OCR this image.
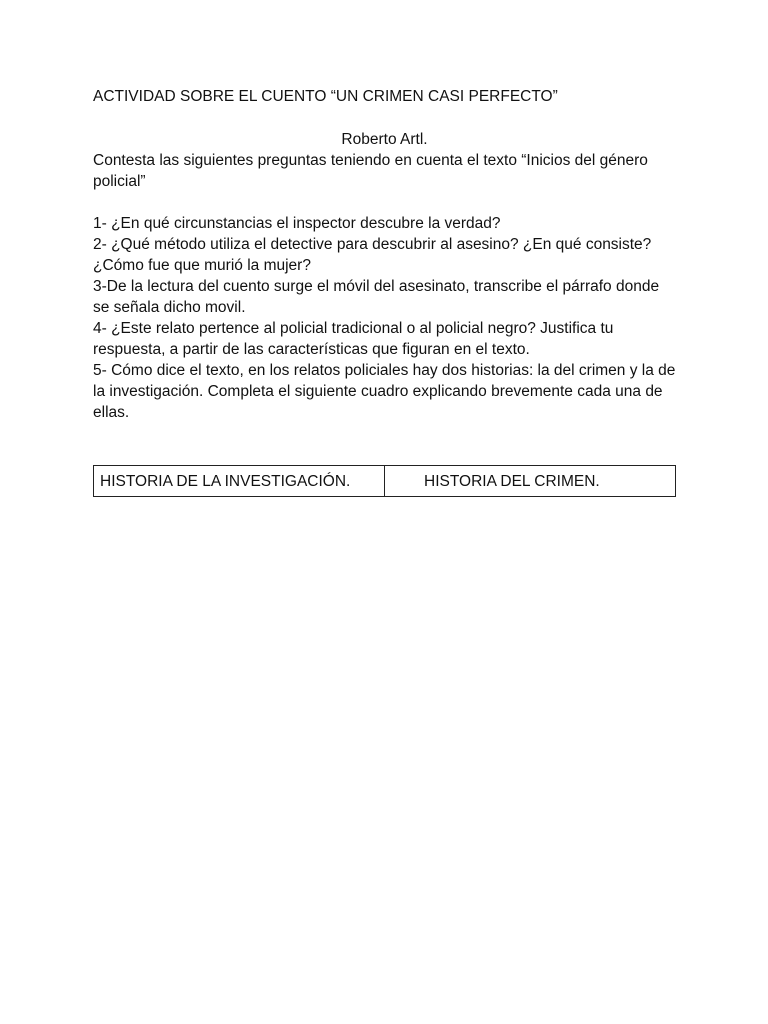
ACTIVIDAD SOBRE EL CUENTO “UN CRIMEN CASI PERFECTO”
Roberto Artl.

Contesta las siguientes preguntas teniendo en cuenta el texto “Inicios del género policial”

1- ¿En qué circunstancias el inspector descubre la verdad?

2- ¿Qué método utiliza el detective para descubrir al asesino? ¿En qué consiste?¿Cómo fue que murió la mujer?

3-De la lectura del cuento surge el móvil del asesinato, transcribe el párrafo donde se señala dicho movil.

4- ¿Este relato pertence al policial tradicional o al policial negro? Justifica tu respuesta, a partir de las características que figuran en el texto.

5- Cómo dice el texto, en los relatos policiales hay dos historias: la del crimen y la de la investigación. Completa el siguiente cuadro explicando brevemente cada una de ellas.

HISTORIA DE LA INVESTIGACIÓN.	HISTORIA DEL CRIMEN.
